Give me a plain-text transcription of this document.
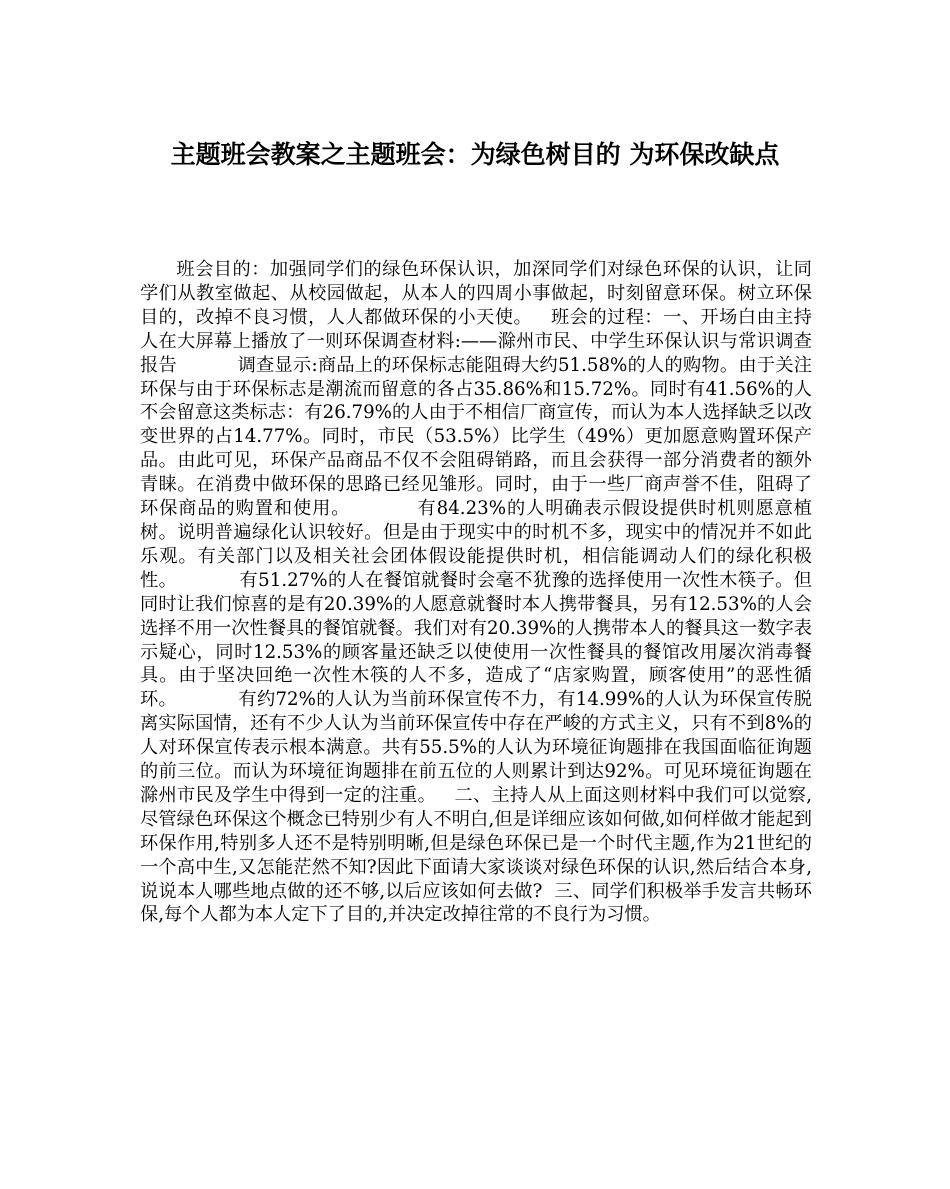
主题班会教案之主题班会：为绿色树目的 为环保改缺点

班会目的：加强同学们的绿色环保认识，加深同学们对绿色环保的认识，让同学们从教室做起、从校园做起，从本人的四周小事做起，时刻留意环保。树立环保目的，改掉不良习惯，人人都做环保的小天使。   班会的过程：一、开场白由主持人在大屏幕上播放了一则环保调查材料:——滁州市民、中学生环保认识与常识调查报告          调查显示:商品上的环保标志能阻碍大约51.58%的人的购物。由于关注环保与由于环保标志是潮流而留意的各占35.86%和15.72%。同时有41.56%的人不会留意这类标志：有26.79%的人由于不相信厂商宣传，而认为本人选择缺乏以改变世界的占14.77%。同时，市民（53.5%）比学生（49%）更加愿意购置环保产品。由此可见，环保产品商品不仅不会阻碍销路，而且会获得一部分消费者的额外青睐。在消费中做环保的思路已经见雏形。同时，由于一些厂商声誉不佳，阻碍了环保商品的购置和使用。          有84.23%的人明确表示假设提供时机则愿意植树。说明普遍绿化认识较好。但是由于现实中的时机不多，现实中的情况并不如此乐观。有关部门以及相关社会团体假设能提供时机，相信能调动人们的绿化积极性。          有51.27%的人在餐馆就餐时会毫不犹豫的选择使用一次性木筷子。但同时让我们惊喜的是有20.39%的人愿意就餐时本人携带餐具，另有12.53%的人会选择不用一次性餐具的餐馆就餐。我们对有20.39%的人携带本人的餐具这一数字表示疑心，同时12.53%的顾客量还缺乏以使使用一次性餐具的餐馆改用屡次消毒餐具。由于坚决回绝一次性木筷的人不多，造成了“店家购置，顾客使用”的恶性循环。          有约72%的人认为当前环保宣传不力，有14.99%的人认为环保宣传脱离实际国情，还有不少人认为当前环保宣传中存在严峻的方式主义，只有不到8%的人对环保宣传表示根本满意。共有55.5%的人认为环境征询题排在我国面临征询题的前三位。而认为环境征询题排在前五位的人则累计到达92%。可见环境征询题在滁州市民及学生中得到一定的注重。   二、主持人从上面这则材料中我们可以觉察,尽管绿色环保这个概念已特别少有人不明白,但是详细应该如何做,如何样做才能起到环保作用,特别多人还不是特别明晰,但是绿色环保已是一个时代主题,作为21世纪的一个高中生,又怎能茫然不知?因此下面请大家谈谈对绿色环保的认识,然后结合本身,说说本人哪些地点做的还不够,以后应该如何去做?  三、同学们积极举手发言共畅环保,每个人都为本人定下了目的,并决定改掉往常的不良行为习惯。
